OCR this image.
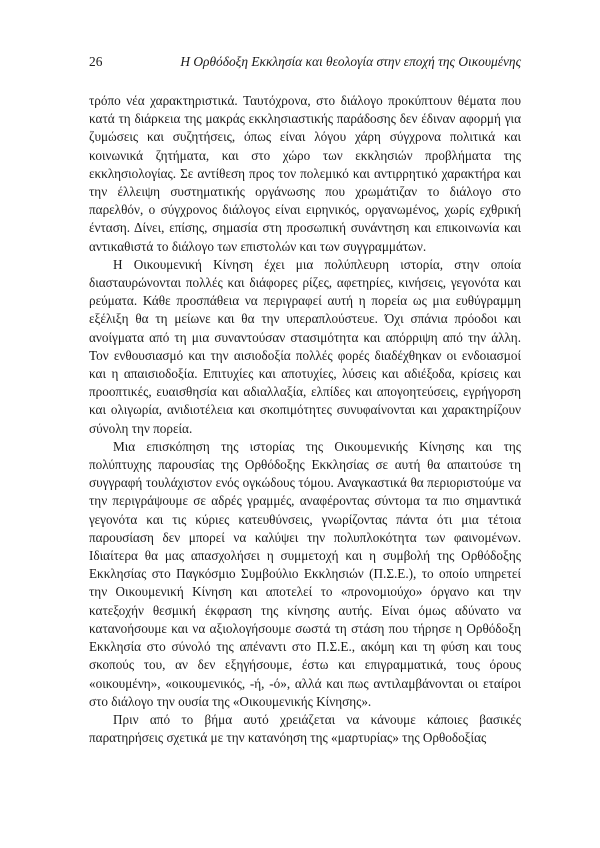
26	Η Ορθόδοξη Εκκλησία και θεολογία στην εποχή της Οικουμένης

τρόπο νέα χαρακτηριστικά. Ταυτόχρονα, στο διάλογο προκύπτουν θέματα που κατά τη διάρκεια της μακράς εκκλησιαστικής παράδοσης δεν έδιναν αφορμή για ζυμώσεις και συζητήσεις, όπως είναι λόγου χάρη σύγχρονα πολιτικά και κοινωνικά ζητήματα, και στο χώρο των εκκλησιών προβλήματα της εκκλησιολογίας. Σε αντίθεση προς τον πολεμικό και αντιρρητικό χαρακτήρα και την έλλειψη συστηματικής οργάνωσης που χρωμάτιζαν το διάλογο στο παρελθόν, ο σύγχρονος διάλογος είναι ειρηνικός, οργανωμένος, χωρίς εχθρική ένταση. Δίνει, επίσης, σημασία στη προσωπική συνάντηση και επικοινωνία και αντικαθιστά το διάλογο των επιστολών και των συγγραμμάτων.

Η Οικουμενική Κίνηση έχει μια πολύπλευρη ιστορία, στην οποία διασταυρώνονται πολλές και διάφορες ρίζες, αφετηρίες, κινήσεις, γεγονότα και ρεύματα. Κάθε προσπάθεια να περιγραφεί αυτή η πορεία ως μια ευθύγραμμη εξέλιξη θα τη μείωνε και θα την υπεραπλούστευε. Όχι σπάνια πρόοδοι και ανοίγματα από τη μια συναντούσαν στασιμότητα και απόρριψη από την άλλη. Τον ενθουσιασμό και την αισιοδοξία πολλές φορές διαδέχθηκαν οι ενδοιασμοί και η απαισιοδοξία. Επιτυχίες και αποτυχίες, λύσεις και αδιέξοδα, κρίσεις και προοπτικές, ευαισθησία και αδιαλλαξία, ελπίδες και απογοητεύσεις, εγρήγορση και ολιγωρία, ανιδιοτέλεια και σκοπιμότητες συνυφαίνονται και χαρακτηρίζουν σύνολη την πορεία.

Μια επισκόπηση της ιστορίας της Οικουμενικής Κίνησης και της πολύπτυχης παρουσίας της Ορθόδοξης Εκκλησίας σε αυτή θα απαιτούσε τη συγγραφή τουλάχιστον ενός ογκώδους τόμου. Αναγκαστικά θα περιοριστούμε να την περιγράψουμε σε αδρές γραμμές, αναφέροντας σύντομα τα πιο σημαντικά γεγονότα και τις κύριες κατευθύνσεις, γνωρίζοντας πάντα ότι μια τέτοια παρουσίαση δεν μπορεί να καλύψει την πολυπλοκότητα των φαινομένων. Ιδιαίτερα θα μας απασχολήσει η συμμετοχή και η συμβολή της Ορθόδοξης Εκκλησίας στο Παγκόσμιο Συμβούλιο Εκκλησιών (Π.Σ.Ε.), το οποίο υπηρετεί την Οικουμενική Κίνηση και αποτελεί το «προνομιούχο» όργανο και την κατεξοχήν θεσμική έκφραση της κίνησης αυτής. Είναι όμως αδύνατο να κατανοήσουμε και να αξιολογήσουμε σωστά τη στάση που τήρησε η Ορθόδοξη Εκκλησία στο σύνολό της απέναντι στο Π.Σ.Ε., ακόμη και τη φύση και τους σκοπούς του, αν δεν εξηγήσουμε, έστω και επιγραμματικά, τους όρους «οικουμένη», «οικουμενικός, -ή, -ό», αλλά και πως αντιλαμβάνονται οι εταίροι στο διάλογο την ουσία της «Οικουμενικής Κίνησης».

Πριν από το βήμα αυτό χρειάζεται να κάνουμε κάποιες βασικές παρατηρήσεις σχετικά με την κατανόηση της «μαρτυρίας» της Ορθοδοξίας
